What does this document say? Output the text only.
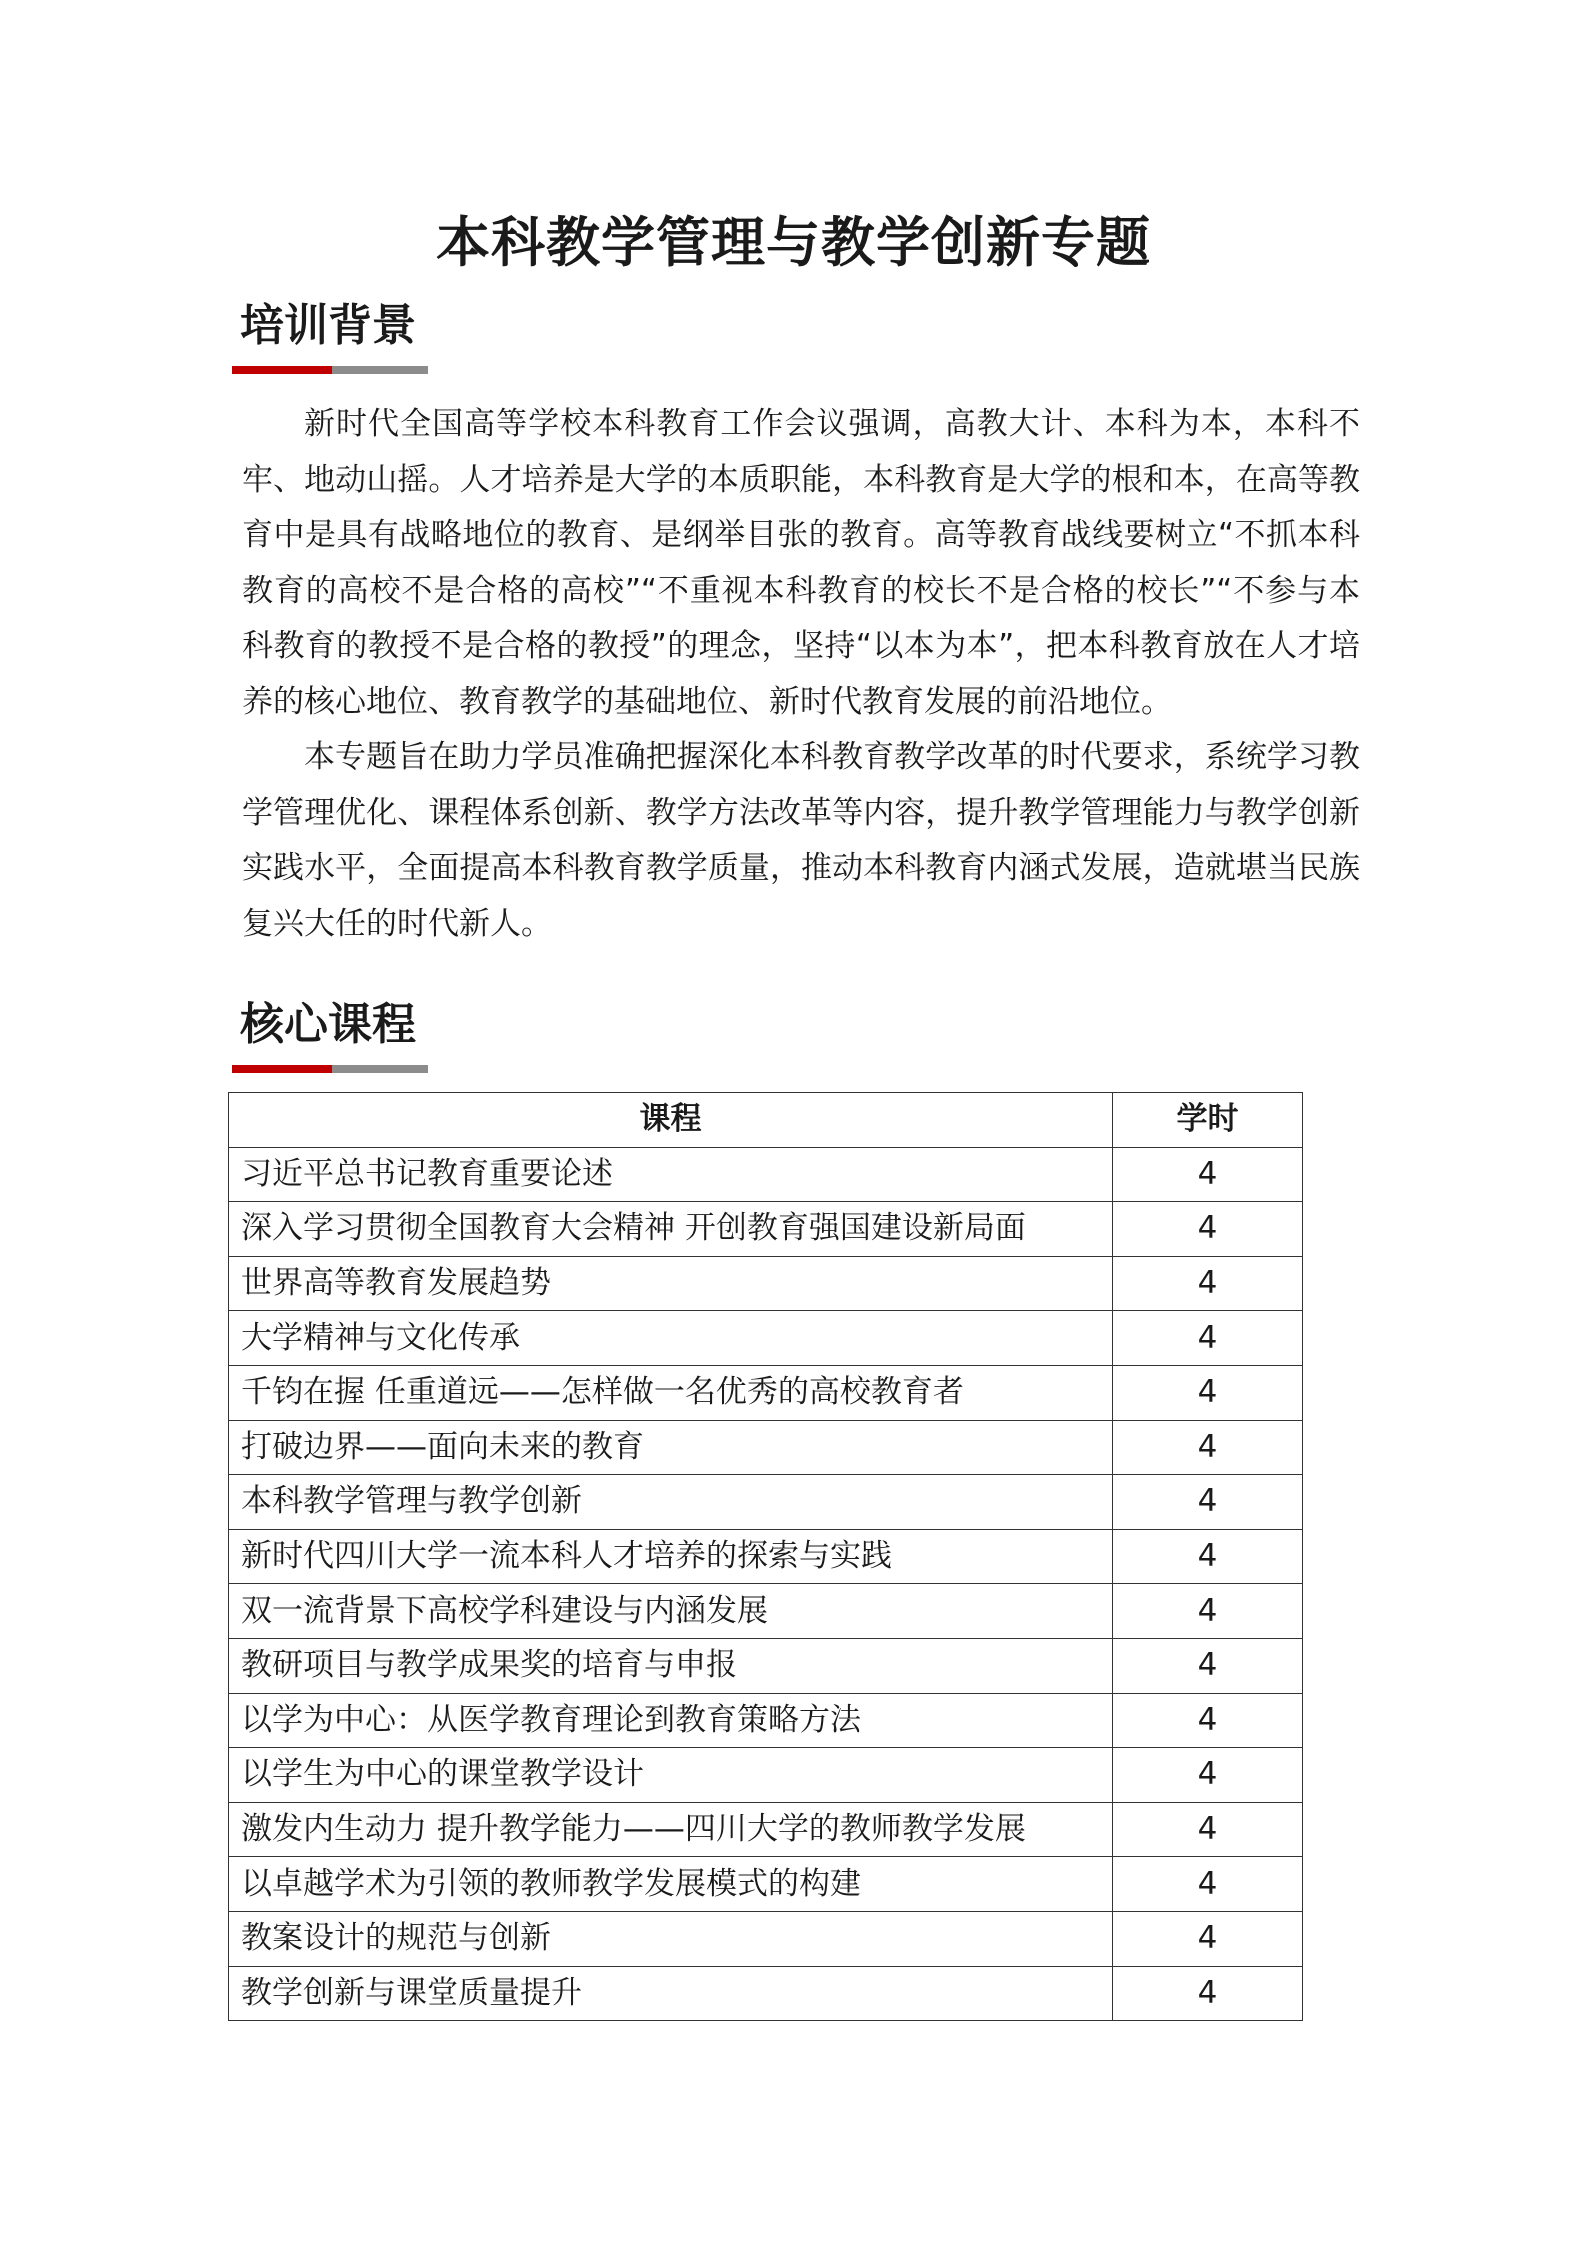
本科教学管理与教学创新专题
培训背景

新时代全国高等学校本科教育工作会议强调，高教大计、本科为本，本科不牢、地动山摇。人才培养是大学的本质职能，本科教育是大学的根和本，在高等教育中是具有战略地位的教育、是纲举目张的教育。高等教育战线要树立“不抓本科教育的高校不是合格的高校”“不重视本科教育的校长不是合格的校长”“不参与本科教育的教授不是合格的教授”的理念，坚持“以本为本”，把本科教育放在人才培养的核心地位、教育教学的基础地位、新时代教育发展的前沿地位。

本专题旨在助力学员准确把握深化本科教育教学改革的时代要求，系统学习教学管理优化、课程体系创新、教学方法改革等内容，提升教学管理能力与教学创新实践水平，全面提高本科教育教学质量，推动本科教育内涵式发展，造就堪当民族复兴大任的时代新人。

核心课程
课程	学时
习近平总书记教育重要论述	4
深入学习贯彻全国教育大会精神 开创教育强国建设新局面	4
世界高等教育发展趋势	4
大学精神与文化传承	4
千钧在握 任重道远——怎样做一名优秀的高校教育者	4
打破边界——面向未来的教育	4
本科教学管理与教学创新	4
新时代四川大学一流本科人才培养的探索与实践	4
双一流背景下高校学科建设与内涵发展	4
教研项目与教学成果奖的培育与申报	4
以学为中心：从医学教育理论到教育策略方法	4
以学生为中心的课堂教学设计	4
激发内生动力 提升教学能力——四川大学的教师教学发展	4
以卓越学术为引领的教师教学发展模式的构建	4
教案设计的规范与创新	4
教学创新与课堂质量提升	4
